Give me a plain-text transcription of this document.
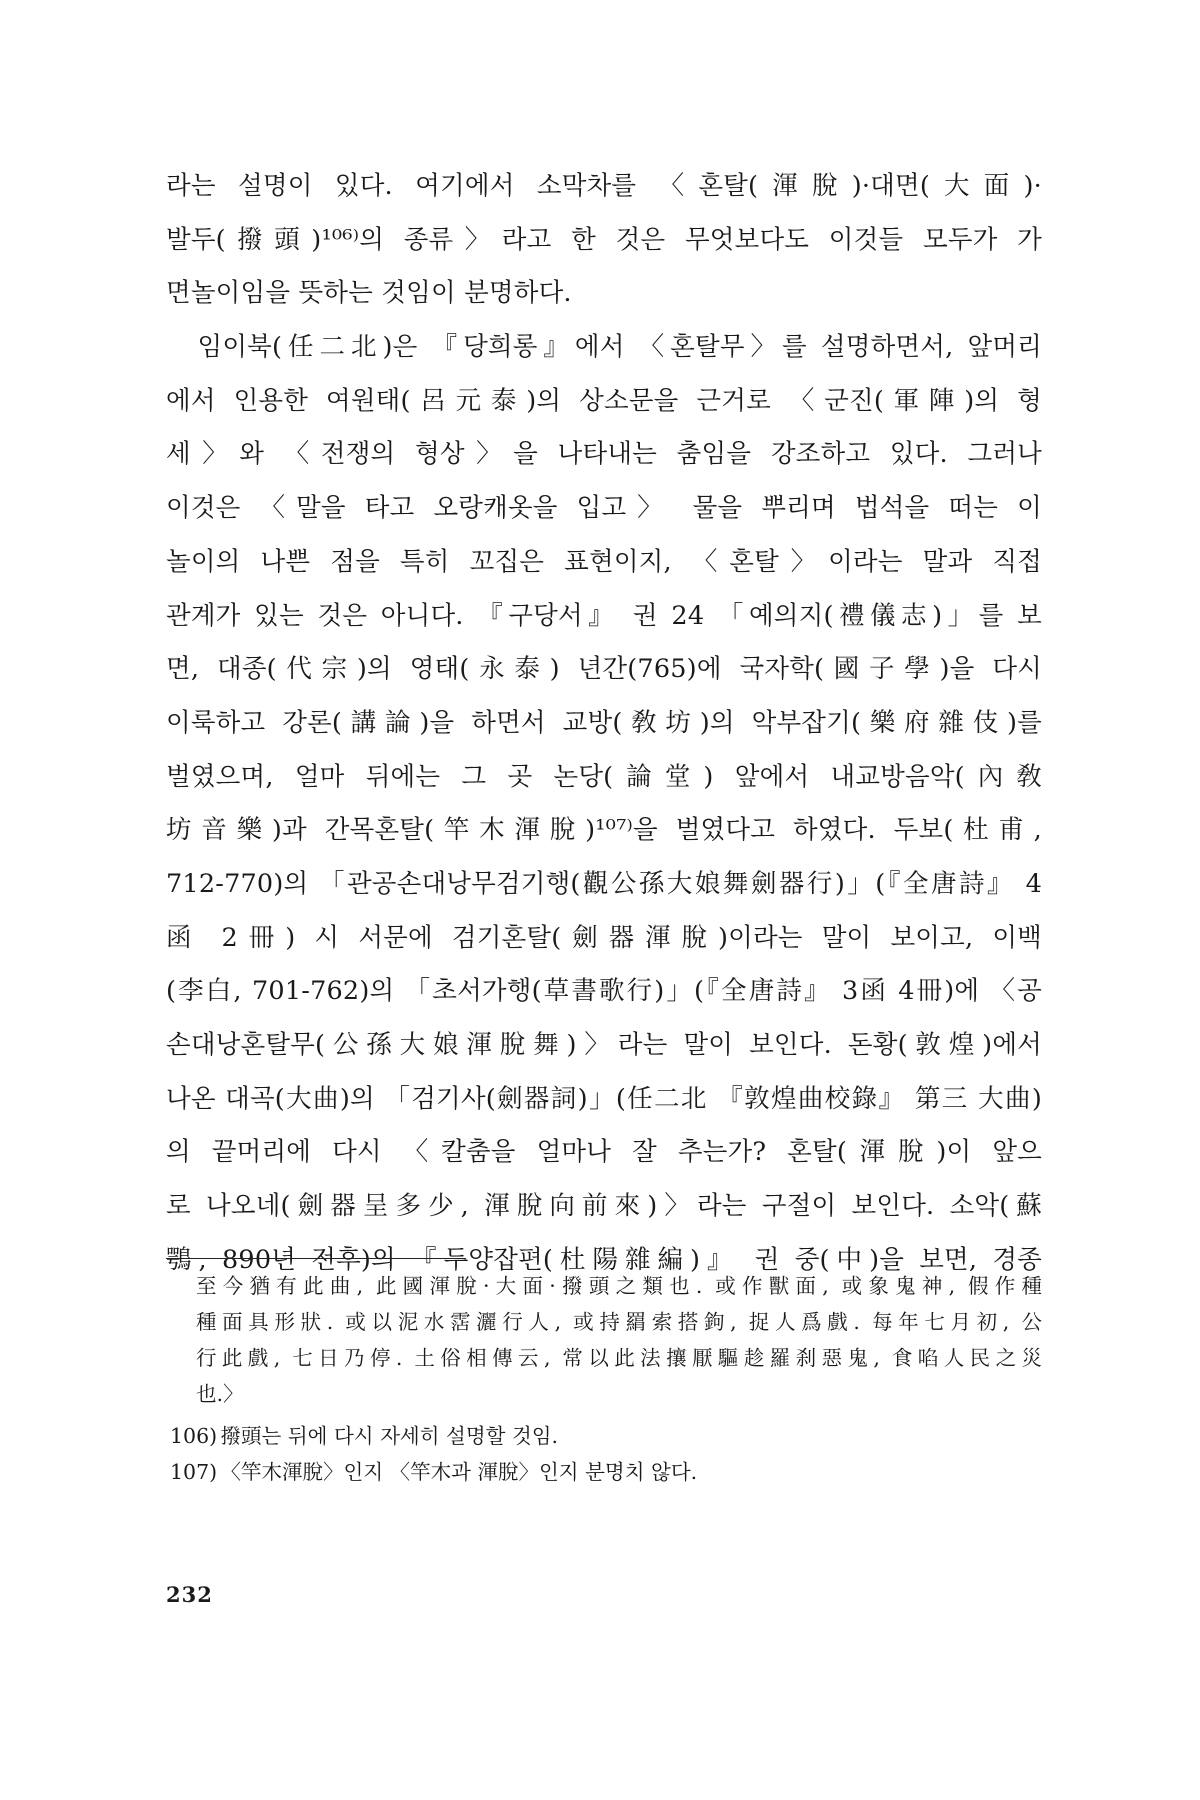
라는 설명이 있다. 여기에서 소막차를 〈혼탈(渾脫)·대면(大面)·
발두(撥頭)¹⁰⁶⁾의 종류〉라고 한 것은 무엇보다도 이것들 모두가 가
면놀이임을 뜻하는 것임이 분명하다.
　임이북(任二北)은 『당희롱』에서 〈혼탈무〉를 설명하면서, 앞머리
에서 인용한 여원태(呂元泰)의 상소문을 근거로 〈군진(軍陣)의 형
세〉와 〈전쟁의 형상〉을 나타내는 춤임을 강조하고 있다. 그러나
이것은 〈말을 타고 오랑캐옷을 입고〉 물을 뿌리며 법석을 떠는 이
놀이의 나쁜 점을 특히 꼬집은 표현이지, 〈혼탈〉이라는 말과 직접
관계가 있는 것은 아니다. 『구당서』 권 24 「예의지(禮儀志)」를 보
면, 대종(代宗)의 영태(永泰) 년간(765)에 국자학(國子學)을 다시
이룩하고 강론(講論)을 하면서 교방(敎坊)의 악부잡기(樂府雜伎)를
벌였으며, 얼마 뒤에는 그 곳 논당(論堂) 앞에서 내교방음악(內敎
坊音樂)과 간목혼탈(竿木渾脫)¹⁰⁷⁾을 벌였다고 하였다. 두보(杜甫,
712-770)의 「관공손대낭무검기행(觀公孫大娘舞劍器行)」(『全唐詩』 4
函 2冊) 시 서문에 검기혼탈(劍器渾脫)이라는 말이 보이고, 이백
(李白, 701-762)의 「초서가행(草書歌行)」(『全唐詩』 3函 4冊)에 〈공
손대낭혼탈무(公孫大娘渾脫舞)〉라는 말이 보인다. 돈황(敦煌)에서
나온 대곡(大曲)의 「검기사(劍器詞)」(任二北 『敦煌曲校錄』 第三 大曲)
의 끝머리에 다시 〈칼춤을 얼마나 잘 추는가? 혼탈(渾脫)이 앞으
로 나오네(劍器呈多少, 渾脫向前來)〉라는 구절이 보인다. 소악(蘇
鶚, 890년 전후)의 『두양잡편(杜陽雜編)』 권 중(中)을 보면, 경종
至今猶有此曲, 此國渾脫·大面·撥頭之類也. 或作獸面, 或象鬼神, 假作種
種面具形狀. 或以泥水霑灑行人, 或持羂索搭鉤, 捉人爲戲. 每年七月初, 公
行此戲, 七日乃停. 土俗相傳云, 常以此法攘厭驅趁羅刹惡鬼, 食啗人民之災
也.〉
106) 撥頭는 뒤에 다시 자세히 설명할 것임.
107) 〈竿木渾脫〉인지 〈竿木과 渾脫〉인지 분명치 않다.
232
